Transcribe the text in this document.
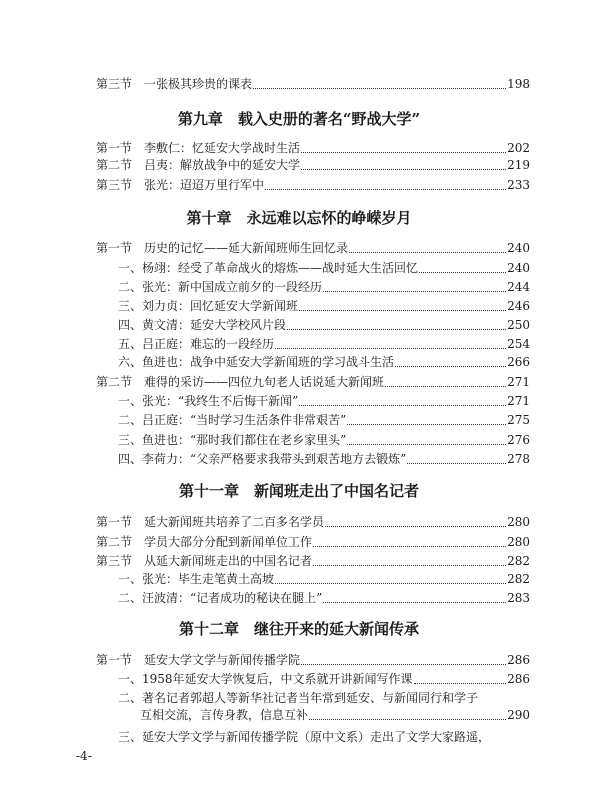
第三节　一张极其珍贵的课表	198
第九章　载入史册的著名“野战大学”
第一节　李敷仁：忆延安大学战时生活	202
第二节　吕夷：解放战争中的延安大学	219
第三节　张光：迢迢万里行军中	233
第十章　永远难以忘怀的峥嵘岁月
第一节　历史的记忆——延大新闻班师生回忆录	240
一、杨翊：经受了革命战火的熔炼——战时延大生活回忆	240
二、张光：新中国成立前夕的一段经历	244
三、刘力贞：回忆延安大学新闻班	246
四、黄文清：延安大学校风片段	250
五、吕正庭：难忘的一段经历	254
六、鱼进也：战争中延安大学新闻班的学习战斗生活	266
第二节　难得的采访——四位九旬老人话说延大新闻班	271
一、张光：“我终生不后悔干新闻”	271
二、吕正庭：“当时学习生活条件非常艰苦”	275
三、鱼进也：“那时我们都住在老乡家里头”	276
四、李荷力：“父亲严格要求我带头到艰苦地方去锻炼”	278
第十一章　新闻班走出了中国名记者
第一节　延大新闻班共培养了二百多名学员	280
第二节　学员大部分分配到新闻单位工作	280
第三节　从延大新闻班走出的中国名记者	282
一、张光：毕生走笔黄土高坡	282
二、汪波清：“记者成功的秘诀在腿上”	283
第十二章　继往开来的延大新闻传承
第一节　延安大学文学与新闻传播学院	286
一、1958年延安大学恢复后，中文系就开讲新闻写作课	286
二、著名记者郭超人等新华社记者当年常到延安、与新闻同行和学子
互相交流，言传身教，信息互补	290
三、延安大学文学与新闻传播学院（原中文系）走出了文学大家路遥，
-4-
